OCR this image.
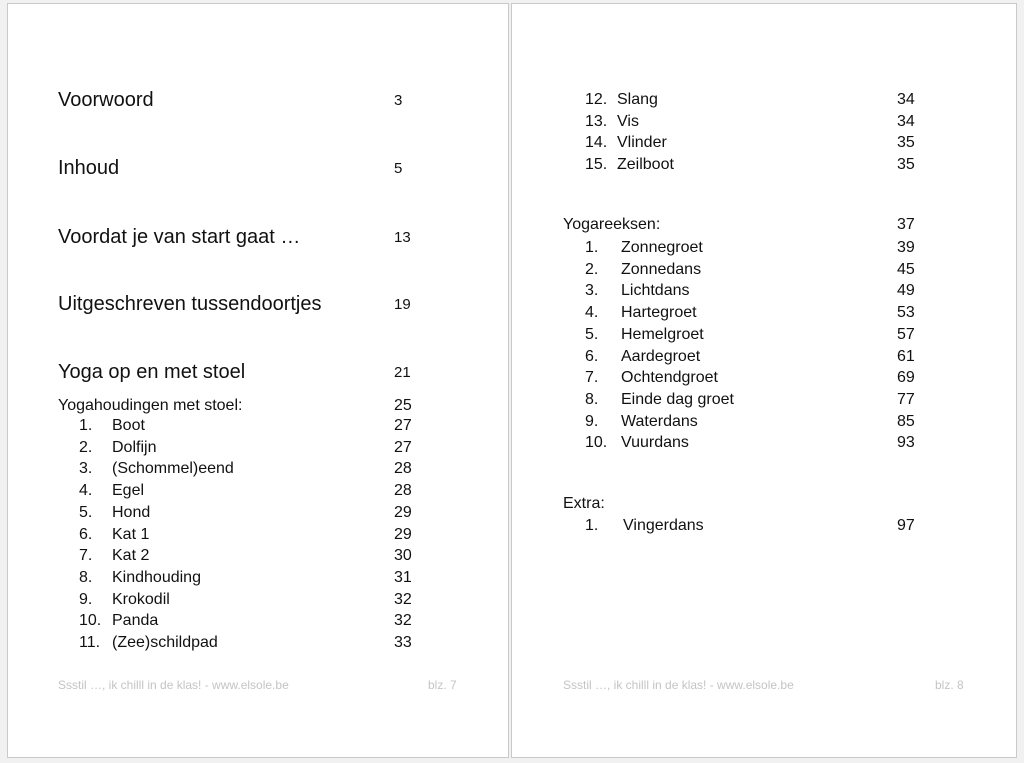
Voorwoord	3
Inhoud	5
Voordat je van start gaat …	13
Uitgeschreven tussendoortjes	19
Yoga op en met stoel	21
Yogahoudingen met stoel:	25
1. Boot	27
2. Dolfijn	27
3. (Schommel)eend	28
4. Egel	28
5. Hond	29
6. Kat 1	29
7. Kat 2	30
8. Kindhouding	31
9. Krokodil	32
10. Panda	32
11. (Zee)schildpad	33
Ssstil …, ik chilll in de klas! - www.elsole.be	blz. 7
12. Slang	34
13. Vis	34
14. Vlinder	35
15. Zeilboot	35
Yogareeksen:	37
1. Zonnegroet	39
2. Zonnedans	45
3. Lichtdans	49
4. Hartegroet	53
5. Hemelgroet	57
6. Aardegroet	61
7. Ochtendgroet	69
8. Einde dag groet	77
9. Waterdans	85
10. Vuurdans	93
Extra:
1. Vingerdans	97
Ssstil …, ik chilll in de klas! - www.elsole.be	blz. 8
